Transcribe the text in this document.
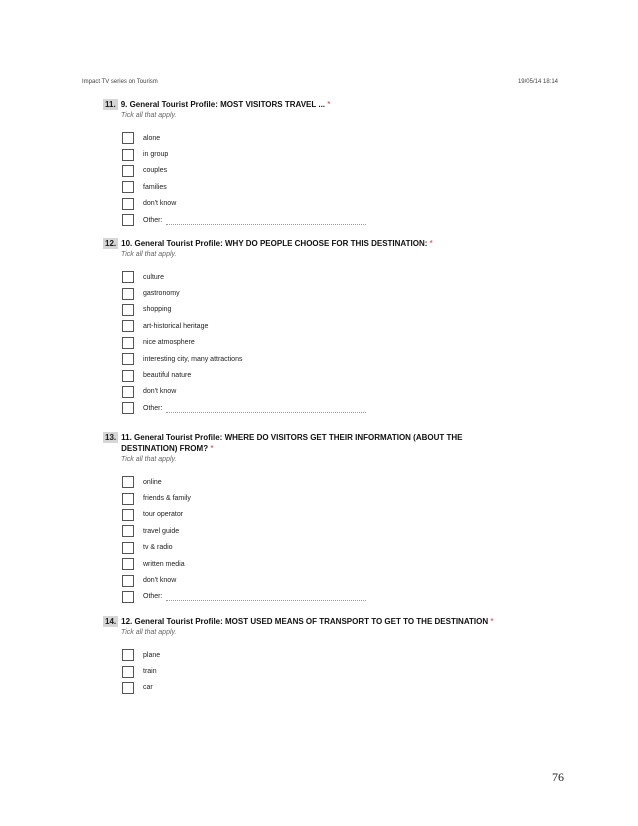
Impact TV series on Tourism	19/05/14 18:14
11. 9. General Tourist Profile: MOST VISITORS TRAVEL ... *
Tick all that apply.
alone
in group
couples
families
don't know
Other:
12. 10. General Tourist Profile: WHY DO PEOPLE CHOOSE FOR THIS DESTINATION: *
Tick all that apply.
culture
gastronomy
shopping
art-historical heritage
nice atmosphere
interesting city, many attractions
beautiful nature
don't know
Other:
13. 11. General Tourist Profile: WHERE DO VISITORS GET THEIR INFORMATION (ABOUT THE DESTINATION) FROM? *
Tick all that apply.
online
friends & family
tour operator
travel guide
tv & radio
written media
don't know
Other:
14. 12. General Tourist Profile: MOST USED MEANS OF TRANSPORT TO GET TO THE DESTINATION *
Tick all that apply.
plane
train
car
76
